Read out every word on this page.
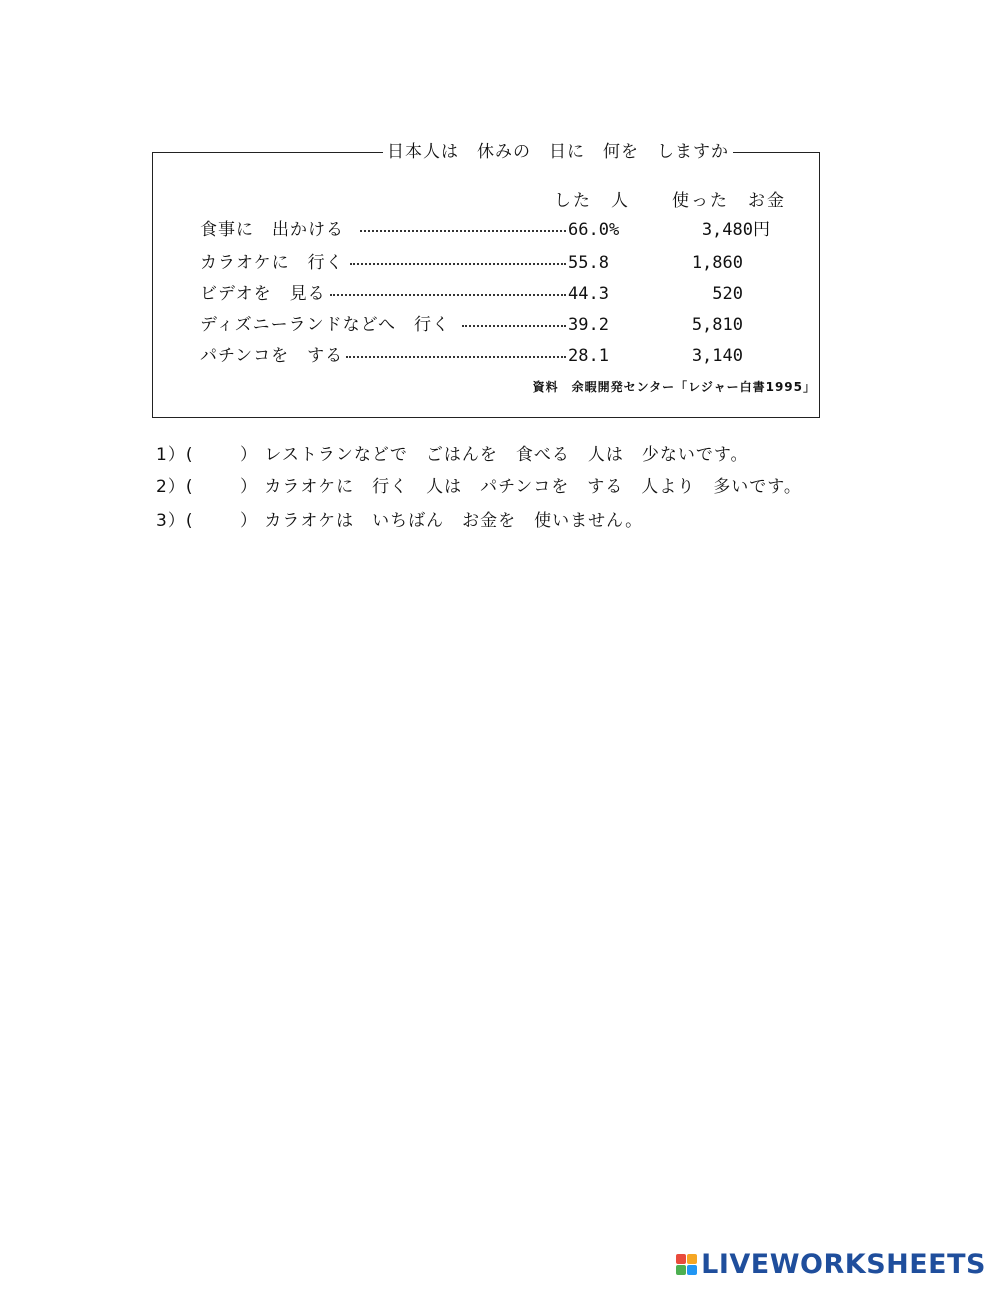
日本人は　休みの　日に　何を　しますか
した　人 使った　お金
食事に　出かける	66.0%	3,480円
カラオケに　行く	55.8	1,860
ビデオを　見る	44.3	520
ディズニーランドなどへ　行く	39.2	5,810
パチンコを　する	28.1	3,140
資料　余暇開発センター「レジャー白書1995」
1）(	） レストランなどで　ごはんを　食べる　人は　少ないです。
2）(	） カラオケに　行く　人は　パチンコを　する　人より　多いです。
3）(	） カラオケは　いちばん　お金を　使いません。
LIVEWORKSHEETS
